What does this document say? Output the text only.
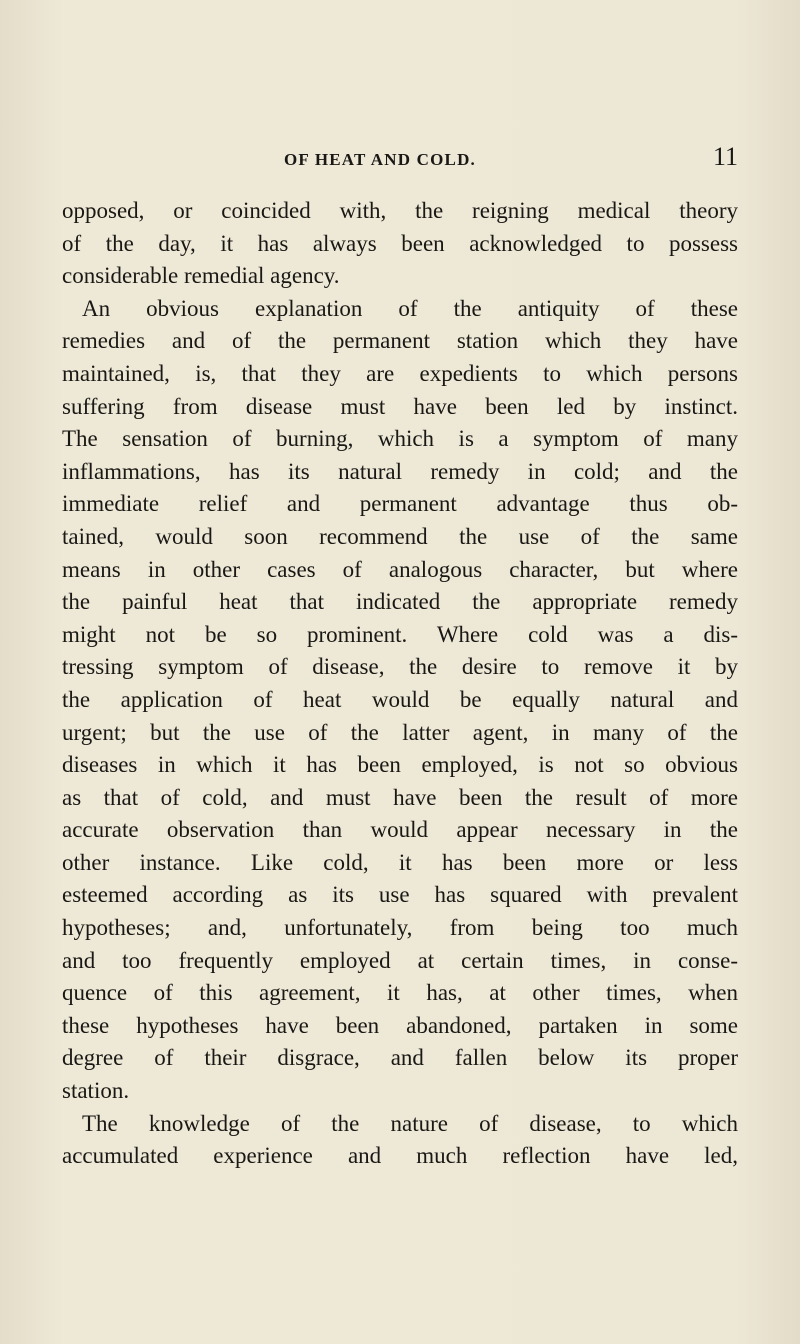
OF HEAT AND COLD.	11
opposed, or coincided with, the reigning medical theory
of the day, it has always been acknowledged to possess
considerable remedial agency.
An obvious explanation of the antiquity of these
remedies and of the permanent station which they have
maintained, is, that they are expedients to which persons
suffering from disease must have been led by instinct.
The sensation of burning, which is a symptom of many
inflammations, has its natural remedy in cold; and the
immediate relief and permanent advantage thus ob-
tained, would soon recommend the use of the same
means in other cases of analogous character, but where
the painful heat that indicated the appropriate remedy
might not be so prominent. Where cold was a dis-
tressing symptom of disease, the desire to remove it by
the application of heat would be equally natural and
urgent; but the use of the latter agent, in many of the
diseases in which it has been employed, is not so obvious
as that of cold, and must have been the result of more
accurate observation than would appear necessary in the
other instance. Like cold, it has been more or less
esteemed according as its use has squared with prevalent
hypotheses; and, unfortunately, from being too much
and too frequently employed at certain times, in conse-
quence of this agreement, it has, at other times, when
these hypotheses have been abandoned, partaken in some
degree of their disgrace, and fallen below its proper
station.
The knowledge of the nature of disease, to which
accumulated experience and much reflection have led,
